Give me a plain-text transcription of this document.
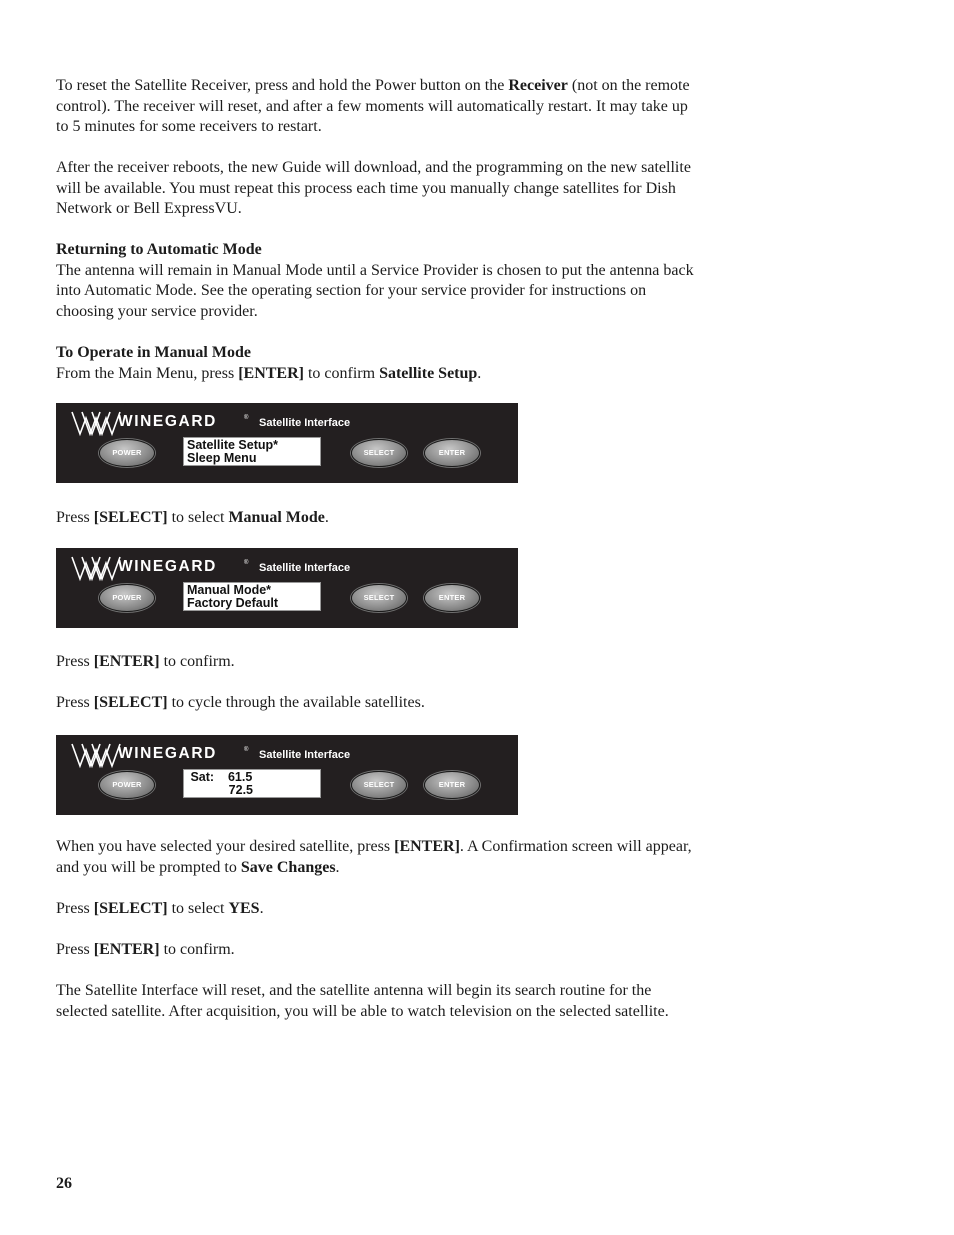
To reset the Satellite Receiver, press and hold the Power button on the Receiver (not on the remote control). The receiver will reset, and after a few moments will automatically restart. It may take up to 5 minutes for some receivers to restart.

After the receiver reboots, the new Guide will download, and the programming on the new satellite will be available. You must repeat this process each time you manually change satellites for Dish Network or Bell ExpressVU.

Returning to Automatic Mode
The antenna will remain in Manual Mode until a Service Provider is chosen to put the antenna back into Automatic Mode. See the operating section for your service provider for instructions on choosing your service provider.

To Operate in Manual Mode
From the Main Menu, press [ENTER] to confirm Satellite Setup.

WINEGARD	® Satellite Interface
POWER
Satellite Setup*
Sleep Menu	SELECT	ENTER

Press [SELECT] to select Manual Mode.

WINEGARD	® Satellite Interface
POWER
Manual Mode*
Factory Default	SELECT	ENTER

Press [ENTER] to confirm.

Press [SELECT] to cycle through the available satellites.

WINEGARD	® Satellite Interface
POWER
Sat:    61.5
72.5	SELECT	ENTER

When you have selected your desired satellite, press [ENTER]. A Confirmation screen will appear, and you will be prompted to Save Changes.

Press [SELECT] to select YES.

Press [ENTER] to confirm.

The Satellite Interface will reset, and the satellite antenna will begin its search routine for the selected satellite. After acquisition, you will be able to watch television on the selected satellite.

26
